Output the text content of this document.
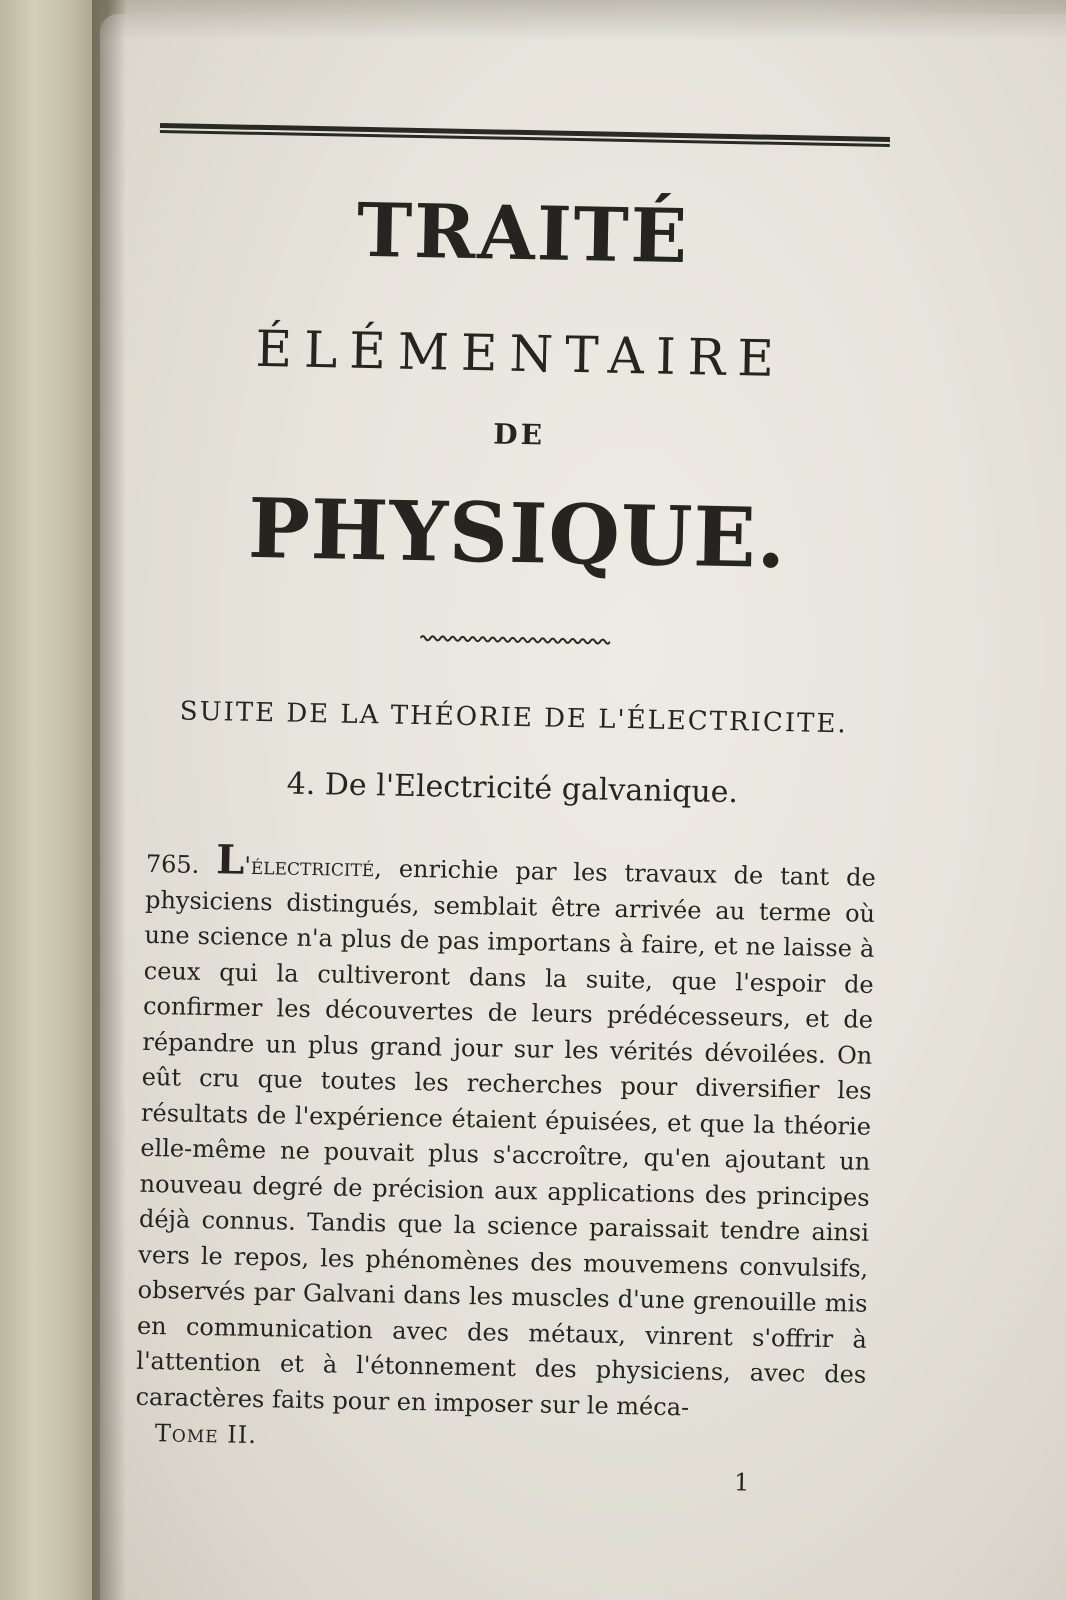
TRAITÉ
ÉLÉMENTAIRE
DE
PHYSIQUE.
SUITE DE LA THÉORIE DE L'ÉLECTRICITE.
4. De l'Electricité galvanique.
765. L'électricité, enrichie par les travaux de tant de physiciens distingués, semblait être arrivée au terme où une science n'a plus de pas importans à faire, et ne laisse à ceux qui la cultiveront dans la suite, que l'espoir de confirmer les découvertes de leurs prédécesseurs, et de répandre un plus grand jour sur les vérités dévoilées. On eût cru que toutes les recherches pour diversifier les résultats de l'expérience étaient épuisées, et que la théorie elle-même ne pouvait plus s'accroître, qu'en ajoutant un nouveau degré de précision aux applications des principes déjà connus. Tandis que la science paraissait tendre ainsi vers le repos, les phénomènes des mouvemens convulsifs, observés par Galvani dans les muscles d'une grenouille mis en communication avec des métaux, vinrent s'offrir à l'attention et à l'étonnement des physiciens, avec des caractères faits pour en imposer sur le méca-
Tome II.
1
